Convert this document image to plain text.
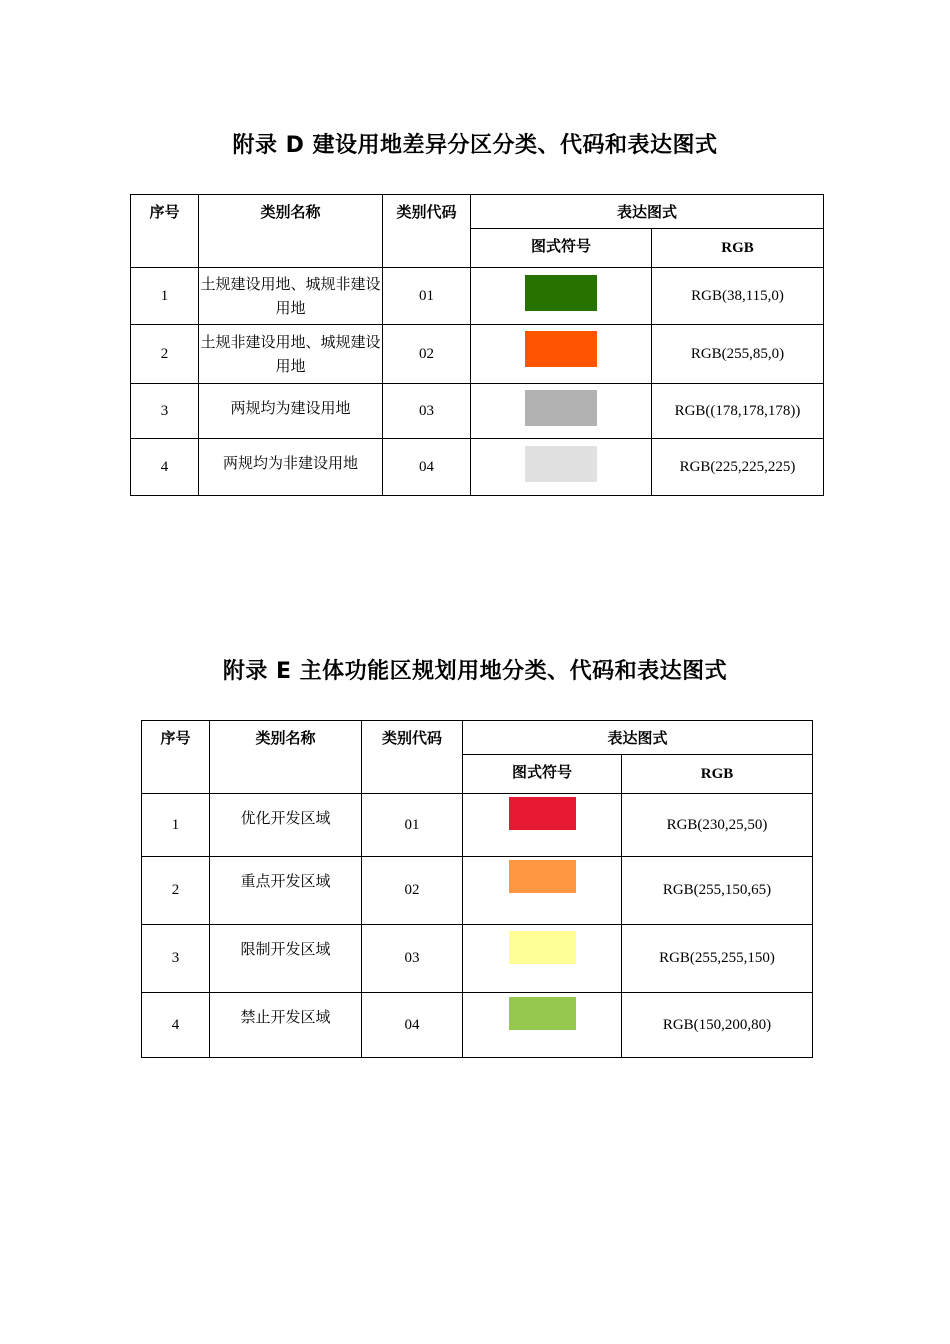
附录 D 建设用地差异分区分类、代码和表达图式
序号	类别名称	类别代码	表达图式	
			图式符号	RGB
1	土规建设用地、城规非建设用地	01		RGB(38,115,0)
2	土规非建设用地、城规建设用地	02		RGB(255,85,0)
3	两规均为建设用地	03		RGB((178,178,178))
4	两规均为非建设用地	04		RGB(225,225,225)
附录 E 主体功能区规划用地分类、代码和表达图式
序号	类别名称	类别代码	表达图式	
			图式符号	RGB
1	优化开发区域	01		RGB(230,25,50)
2	重点开发区域	02		RGB(255,150,65)
3	限制开发区域	03		RGB(255,255,150)
4	禁止开发区域	04		RGB(150,200,80)
